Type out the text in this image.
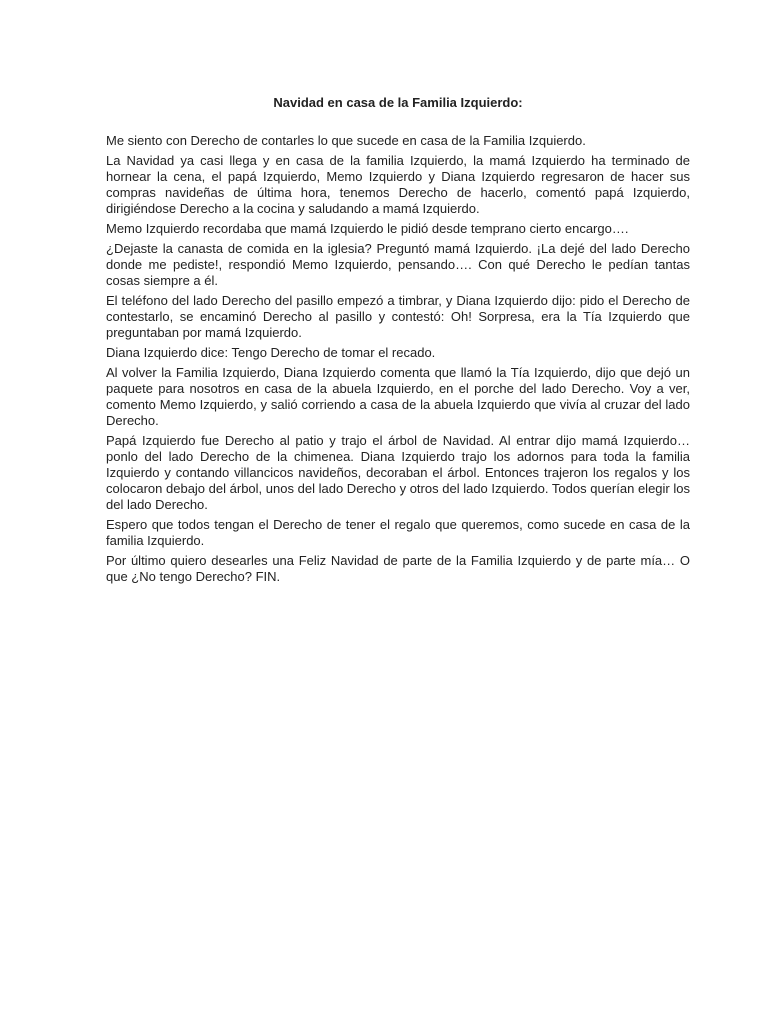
Navidad en casa de la Familia Izquierdo:

Me siento con Derecho de contarles lo que sucede en casa de la Familia Izquierdo.

La Navidad ya casi llega y en casa de la familia Izquierdo, la mamá Izquierdo ha terminado de hornear la cena, el papá Izquierdo, Memo Izquierdo y Diana Izquierdo regresaron de hacer sus compras navideñas de última hora, tenemos Derecho de hacerlo, comentó papá Izquierdo, dirigiéndose Derecho a la cocina y saludando a mamá Izquierdo.

Memo Izquierdo recordaba que mamá Izquierdo le pidió desde temprano cierto encargo….

¿Dejaste la canasta de comida en la iglesia? Preguntó mamá Izquierdo. ¡La dejé del lado Derecho donde me pediste!, respondió Memo Izquierdo, pensando…. Con qué Derecho le pedían tantas cosas siempre a él.

El teléfono del lado Derecho del pasillo empezó a timbrar, y Diana Izquierdo dijo: pido el Derecho de contestarlo, se encaminó Derecho al pasillo y contestó: Oh! Sorpresa, era la Tía Izquierdo que preguntaban por mamá Izquierdo.

Diana Izquierdo dice: Tengo Derecho de tomar el recado.

Al volver la Familia Izquierdo, Diana Izquierdo comenta que llamó la Tía Izquierdo, dijo que dejó un paquete para nosotros en casa de la abuela Izquierdo, en el porche del lado Derecho. Voy a ver, comento Memo Izquierdo, y salió corriendo a casa de la abuela Izquierdo que vivía al cruzar del lado Derecho.

Papá Izquierdo fue Derecho al patio y trajo el árbol de Navidad. Al entrar dijo mamá Izquierdo… ponlo del lado Derecho de la chimenea. Diana Izquierdo trajo los adornos para toda la familia Izquierdo y contando villancicos navideños, decoraban el árbol. Entonces trajeron los regalos y los colocaron debajo del árbol, unos del lado Derecho y otros del lado Izquierdo. Todos querían elegir los del lado Derecho.

Espero que todos tengan el Derecho de tener el regalo que queremos, como sucede en casa de la familia Izquierdo.

Por último quiero desearles una Feliz Navidad de parte de la Familia Izquierdo y de parte mía… O que ¿No tengo Derecho? FIN.
